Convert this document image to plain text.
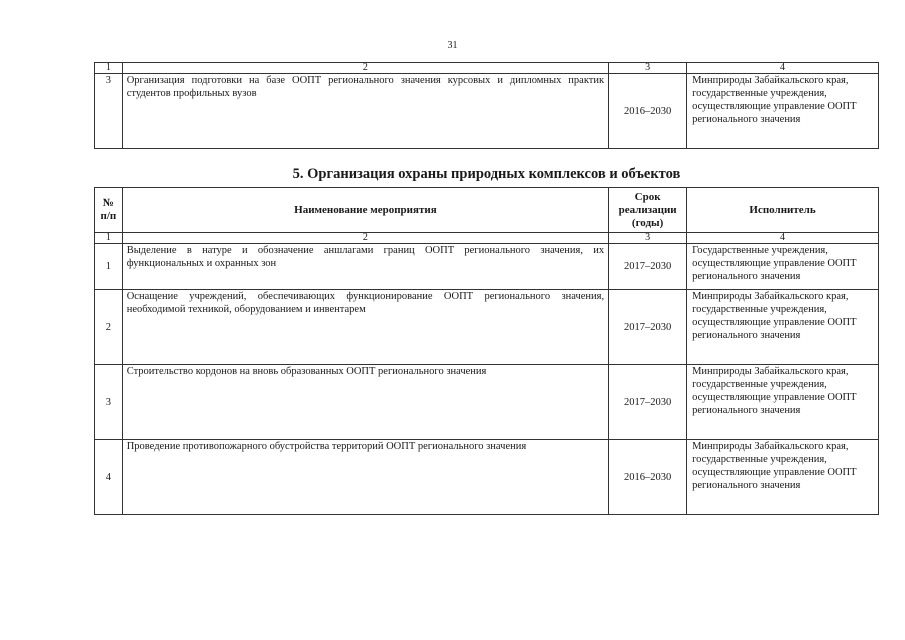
31
1	2	3	4
3	Организация подготовки на базе ООПТ регионального значения курсовых и дипломных практик студентов профильных вузов	2016–2030	Минприроды Забайкальского края, государственные учреждения, осуществляющие управление ООПТ регионального значения
5. Организация охраны природных комплексов и объектов
№ п/п	Наименование мероприятия	Срок реализации (годы)	Исполнитель
1	2	3	4
1	Выделение в натуре и обозначение аншлагами границ ООПТ регионального значения, их функциональных и охранных зон	2017–2030	Государственные учреждения, осуществляющие управление ООПТ регионального значения
2	Оснащение учреждений, обеспечивающих функционирование ООПТ регионального значения, необходимой техникой, оборудованием и инвентарем	2017–2030	Минприроды Забайкальского края, государственные учреждения, осуществляющие управление ООПТ регионального значения
3	Строительство кордонов на вновь образованных ООПТ регионального значения	2017–2030	Минприроды Забайкальского края, государственные учреждения, осуществляющие управление ООПТ регионального значения
4	Проведение противопожарного обустройства территорий ООПТ регионального значения	2016–2030	Минприроды Забайкальского края, государственные учреждения, осуществляющие управление ООПТ регионального значения
